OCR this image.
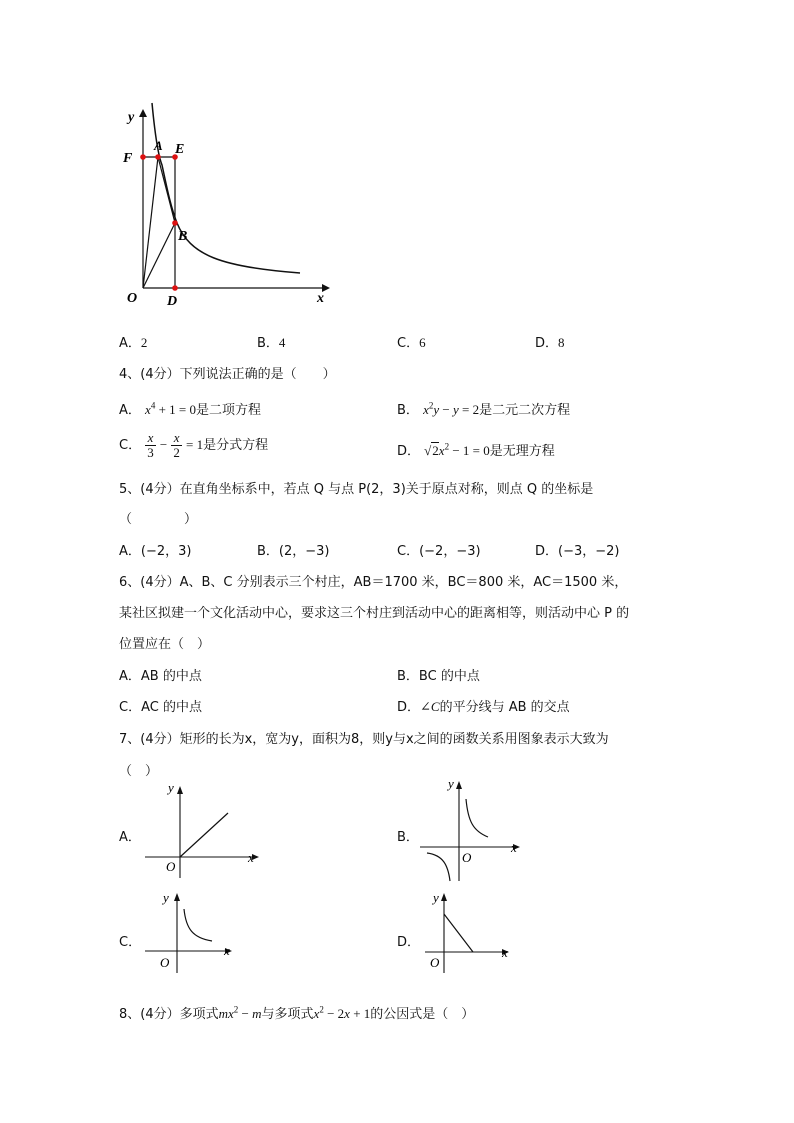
y
x
O
A E
F
B
D
A．2	B．4	C．6	D．8
4、(4分）下列说法正确的是（　　）
A． $x^4 + 1 = 0$是二项方程	B． $x^2y - y = 2$是二元二次方程
C． $\frac{x}{3} - \frac{x}{2} = 1$是分式方程	D． $√2x^2 - 1 = 0$是无理方程
5、(4分）在直角坐标系中，若点 Q 与点 P(2，3)关于原点对称，则点 Q 的坐标是
（　　　　）
A．(−2，3)	B．(2，−3)	C．(−2，−3)	D．(−3，−2)
6、(4分）A、B、C 分别表示三个村庄，AB＝1700 米，BC＝800 米，AC＝1500 米，
某社区拟建一个文化活动中心，要求这三个村庄到活动中心的距离相等，则活动中心 P 的
位置应在（　）
A．AB 的中点	B．BC 的中点
C．AC 的中点	D．∠C的平分线与 AB 的交点
7、(4分）矩形的长为x，宽为y，面积为8，则y与x之间的函数关系用图象表示大致为
（　）
A．
y
x
O
B．
y
x
O
C．
y
x
O
D．
y
x
O
8、(4分）多项式$mx^2 - m$与多项式$x^2 - 2x + 1$的公因式是（　）
